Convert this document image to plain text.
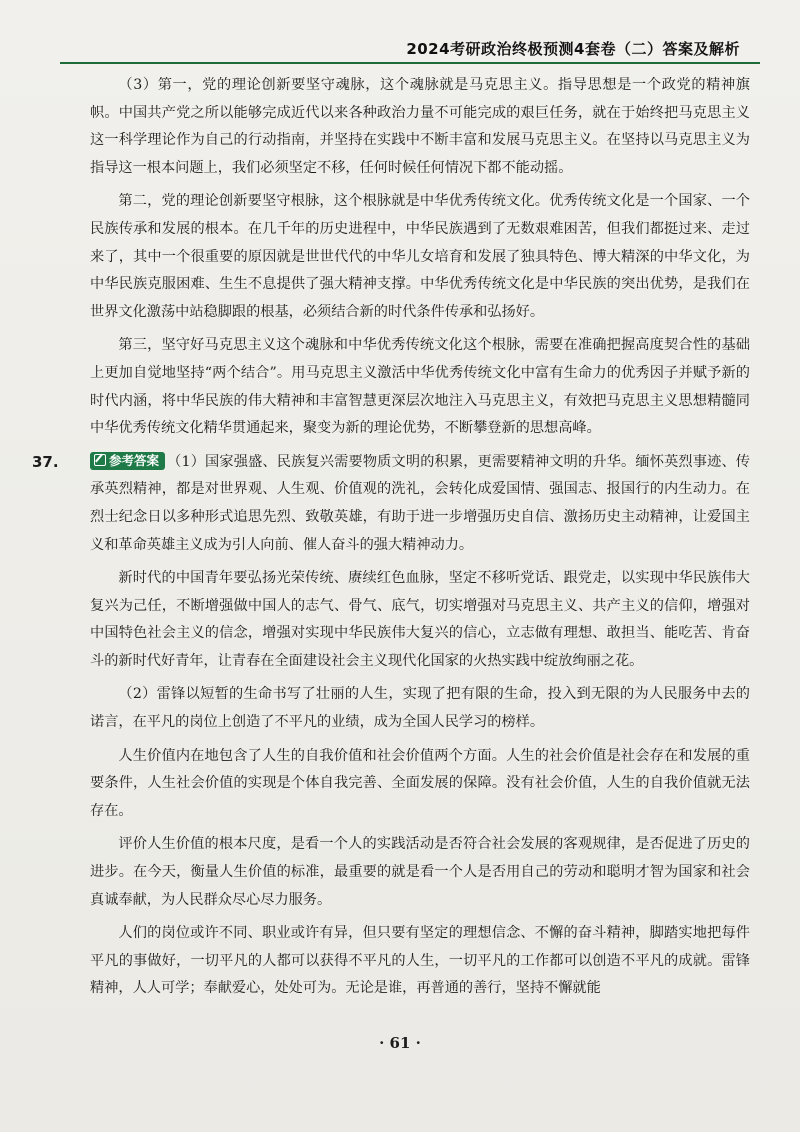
2024考研政治终极预测4套卷（二）答案及解析

（3）第一，党的理论创新要坚守魂脉，这个魂脉就是马克思主义。指导思想是一个政党的精神旗帜。中国共产党之所以能够完成近代以来各种政治力量不可能完成的艰巨任务，就在于始终把马克思主义这一科学理论作为自己的行动指南，并坚持在实践中不断丰富和发展马克思主义。在坚持以马克思主义为指导这一根本问题上，我们必须坚定不移，任何时候任何情况下都不能动摇。

第二，党的理论创新要坚守根脉，这个根脉就是中华优秀传统文化。优秀传统文化是一个国家、一个民族传承和发展的根本。在几千年的历史进程中，中华民族遇到了无数艰难困苦，但我们都挺过来、走过来了，其中一个很重要的原因就是世世代代的中华儿女培育和发展了独具特色、博大精深的中华文化，为中华民族克服困难、生生不息提供了强大精神支撑。中华优秀传统文化是中华民族的突出优势，是我们在世界文化激荡中站稳脚跟的根基，必须结合新的时代条件传承和弘扬好。

第三，坚守好马克思主义这个魂脉和中华优秀传统文化这个根脉，需要在准确把握高度契合性的基础上更加自觉地坚持“两个结合”。用马克思主义激活中华优秀传统文化中富有生命力的优秀因子并赋予新的时代内涵，将中华民族的伟大精神和丰富智慧更深层次地注入马克思主义，有效把马克思主义思想精髓同中华优秀传统文化精华贯通起来，聚变为新的理论优势，不断攀登新的思想高峰。

37.	参考答案 （1）国家强盛、民族复兴需要物质文明的积累，更需要精神文明的升华。缅怀英烈事迹、传承英烈精神，都是对世界观、人生观、价值观的洗礼，会转化成爱国情、强国志、报国行的内生动力。在烈士纪念日以多种形式追思先烈、致敬英雄，有助于进一步增强历史自信、激扬历史主动精神，让爱国主义和革命英雄主义成为引人向前、催人奋斗的强大精神动力。

新时代的中国青年要弘扬光荣传统、赓续红色血脉，坚定不移听党话、跟党走，以实现中华民族伟大复兴为己任，不断增强做中国人的志气、骨气、底气，切实增强对马克思主义、共产主义的信仰，增强对中国特色社会主义的信念，增强对实现中华民族伟大复兴的信心，立志做有理想、敢担当、能吃苦、肯奋斗的新时代好青年，让青春在全面建设社会主义现代化国家的火热实践中绽放绚丽之花。

（2）雷锋以短暂的生命书写了壮丽的人生，实现了把有限的生命，投入到无限的为人民服务中去的诺言，在平凡的岗位上创造了不平凡的业绩，成为全国人民学习的榜样。

人生价值内在地包含了人生的自我价值和社会价值两个方面。人生的社会价值是社会存在和发展的重要条件，人生社会价值的实现是个体自我完善、全面发展的保障。没有社会价值，人生的自我价值就无法存在。

评价人生价值的根本尺度，是看一个人的实践活动是否符合社会发展的客观规律，是否促进了历史的进步。在今天，衡量人生价值的标准，最重要的就是看一个人是否用自己的劳动和聪明才智为国家和社会真诚奉献，为人民群众尽心尽力服务。

人们的岗位或许不同、职业或许有异，但只要有坚定的理想信念、不懈的奋斗精神，脚踏实地把每件平凡的事做好，一切平凡的人都可以获得不平凡的人生，一切平凡的工作都可以创造不平凡的成就。雷锋精神，人人可学；奉献爱心，处处可为。无论是谁，再普通的善行，坚持不懈就能

· 61 ·
